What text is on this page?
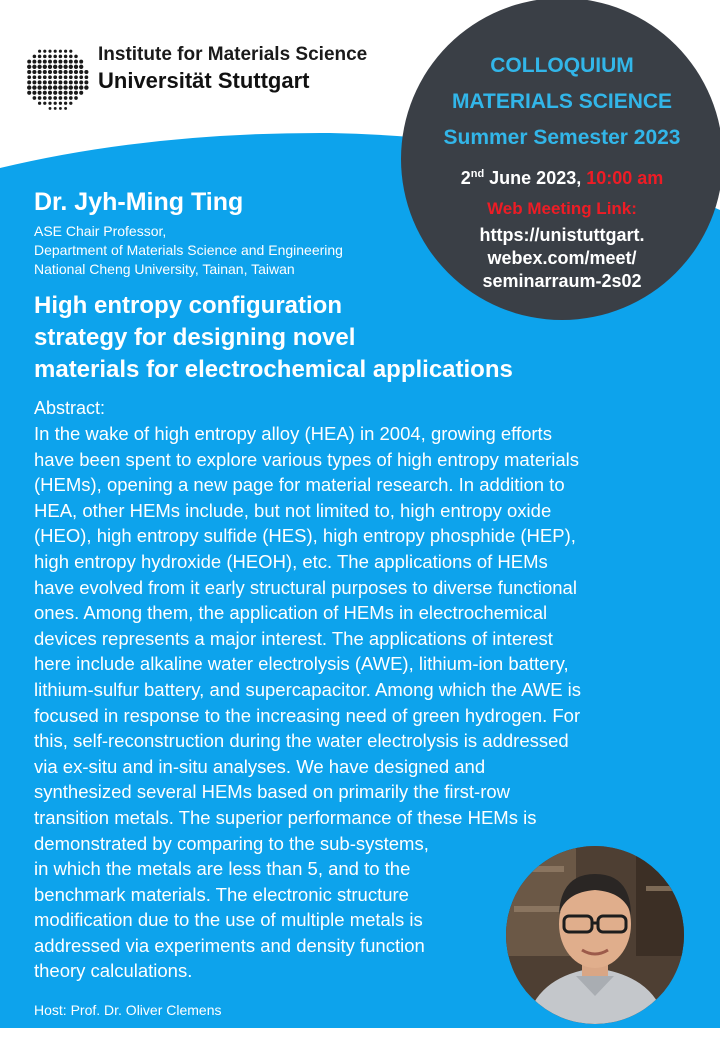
Institute for Materials Science
Universität Stuttgart
COLLOQUIUM
MATERIALS SCIENCE
Summer Semester 2023
2nd June 2023, 10:00 am
Web Meeting Link:
https://unistuttgart.
webex.com/meet/
seminarraum-2s02
Dr. Jyh-Ming Ting
ASE Chair Professor,
Department of Materials Science and Engineering
National Cheng University, Tainan, Taiwan
High entropy configuration
strategy for designing novel
materials for electrochemical applications
Abstract:
In the wake of high entropy alloy (HEA) in 2004, growing efforts
have been spent to explore various types of high entropy materials
(HEMs), opening a new page for material research. In addition to
HEA, other HEMs include, but not limited to, high entropy oxide
(HEO), high entropy sulfide (HES), high entropy phosphide (HEP),
high entropy hydroxide (HEOH), etc. The applications of HEMs
have evolved from it early structural purposes to diverse functional
ones. Among them, the application of HEMs in electrochemical
devices represents a major interest. The applications of interest
here include alkaline water electrolysis (AWE), lithium-ion battery,
lithium-sulfur battery, and supercapacitor. Among which the AWE is
focused in response to the increasing need of green hydrogen. For
this, self-reconstruction during the water electrolysis is addressed
via ex-situ and in-situ analyses. We have designed and
synthesized several HEMs based on primarily the first-row
transition metals. The superior performance of these HEMs is
demonstrated by comparing to the sub-systems,
in which the metals are less than 5, and to the
benchmark materials. The electronic structure
modification due to the use of multiple metals is
addressed via experiments and density function
theory calculations.
Host: Prof. Dr. Oliver Clemens
